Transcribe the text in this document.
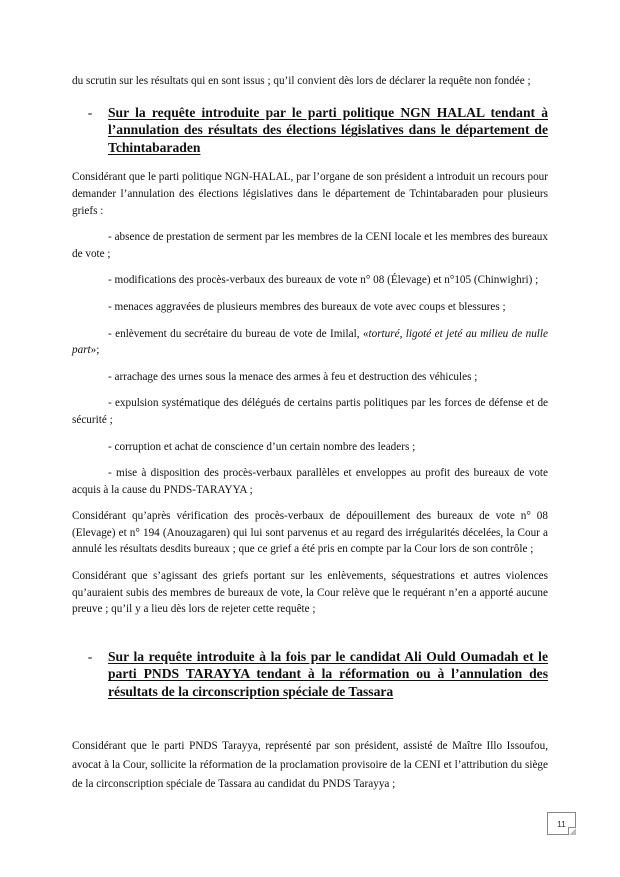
du scrutin sur les résultats qui en sont issus ; qu’il convient dès lors de déclarer la requête non fondée ;

-	Sur la requête introduite par le parti politique NGN HALAL tendant à l’annulation des résultats des élections législatives dans le département de Tchintabaraden

Considérant que le parti politique NGN-HALAL, par l’organe de son président a introduit un recours pour demander l’annulation des élections législatives dans le département de Tchintabaraden pour plusieurs griefs :

- absence de prestation de serment par les membres de la CENI locale et les membres des bureaux de vote ;

- modifications des procès-verbaux des bureaux de vote n° 08 (Élevage) et n°105 (Chinwighri) ;

- menaces aggravées de plusieurs membres des bureaux de vote avec coups et blessures ;

- enlèvement du secrétaire du bureau de vote de Imilal, «torturé, ligoté et jeté au milieu de nulle part»;

- arrachage des urnes sous la menace des armes à feu et destruction des véhicules ;

- expulsion systématique des délégués de certains partis politiques par les forces de défense et de sécurité ;

- corruption et achat de conscience d’un certain nombre des leaders ;

- mise à disposition des procès-verbaux parallèles et enveloppes au profit des bureaux de vote acquis à la cause du PNDS-TARAYYA ;

Considérant qu’après vérification des procès-verbaux de dépouillement des bureaux de vote n° 08 (Elevage) et n° 194 (Anouzagaren) qui lui sont parvenus et au regard des irrégularités décelées, la Cour a annulé les résultats desdits bureaux ; que ce grief a été pris en compte par la Cour lors de son contrôle ;

Considérant que s’agissant des griefs portant sur les enlèvements, séquestrations et autres violences qu’auraient subis des membres de bureaux de vote, la Cour relève que le requérant n’en a apporté aucune preuve ; qu’il y a lieu dès lors de rejeter cette requête ;

-	Sur la requête introduite à la fois par le candidat Ali Ould Oumadah et le parti PNDS TARAYYA tendant à la réformation ou à l’annulation des résultats de la circonscription spéciale de Tassara

Considérant que le parti PNDS Tarayya, représenté par son président, assisté de Maître Illo Issoufou, avocat à la Cour, sollicite la réformation de la proclamation provisoire de la CENI et l’attribution du siège de la circonscription spéciale de Tassara au candidat du PNDS Tarayya ;

11
